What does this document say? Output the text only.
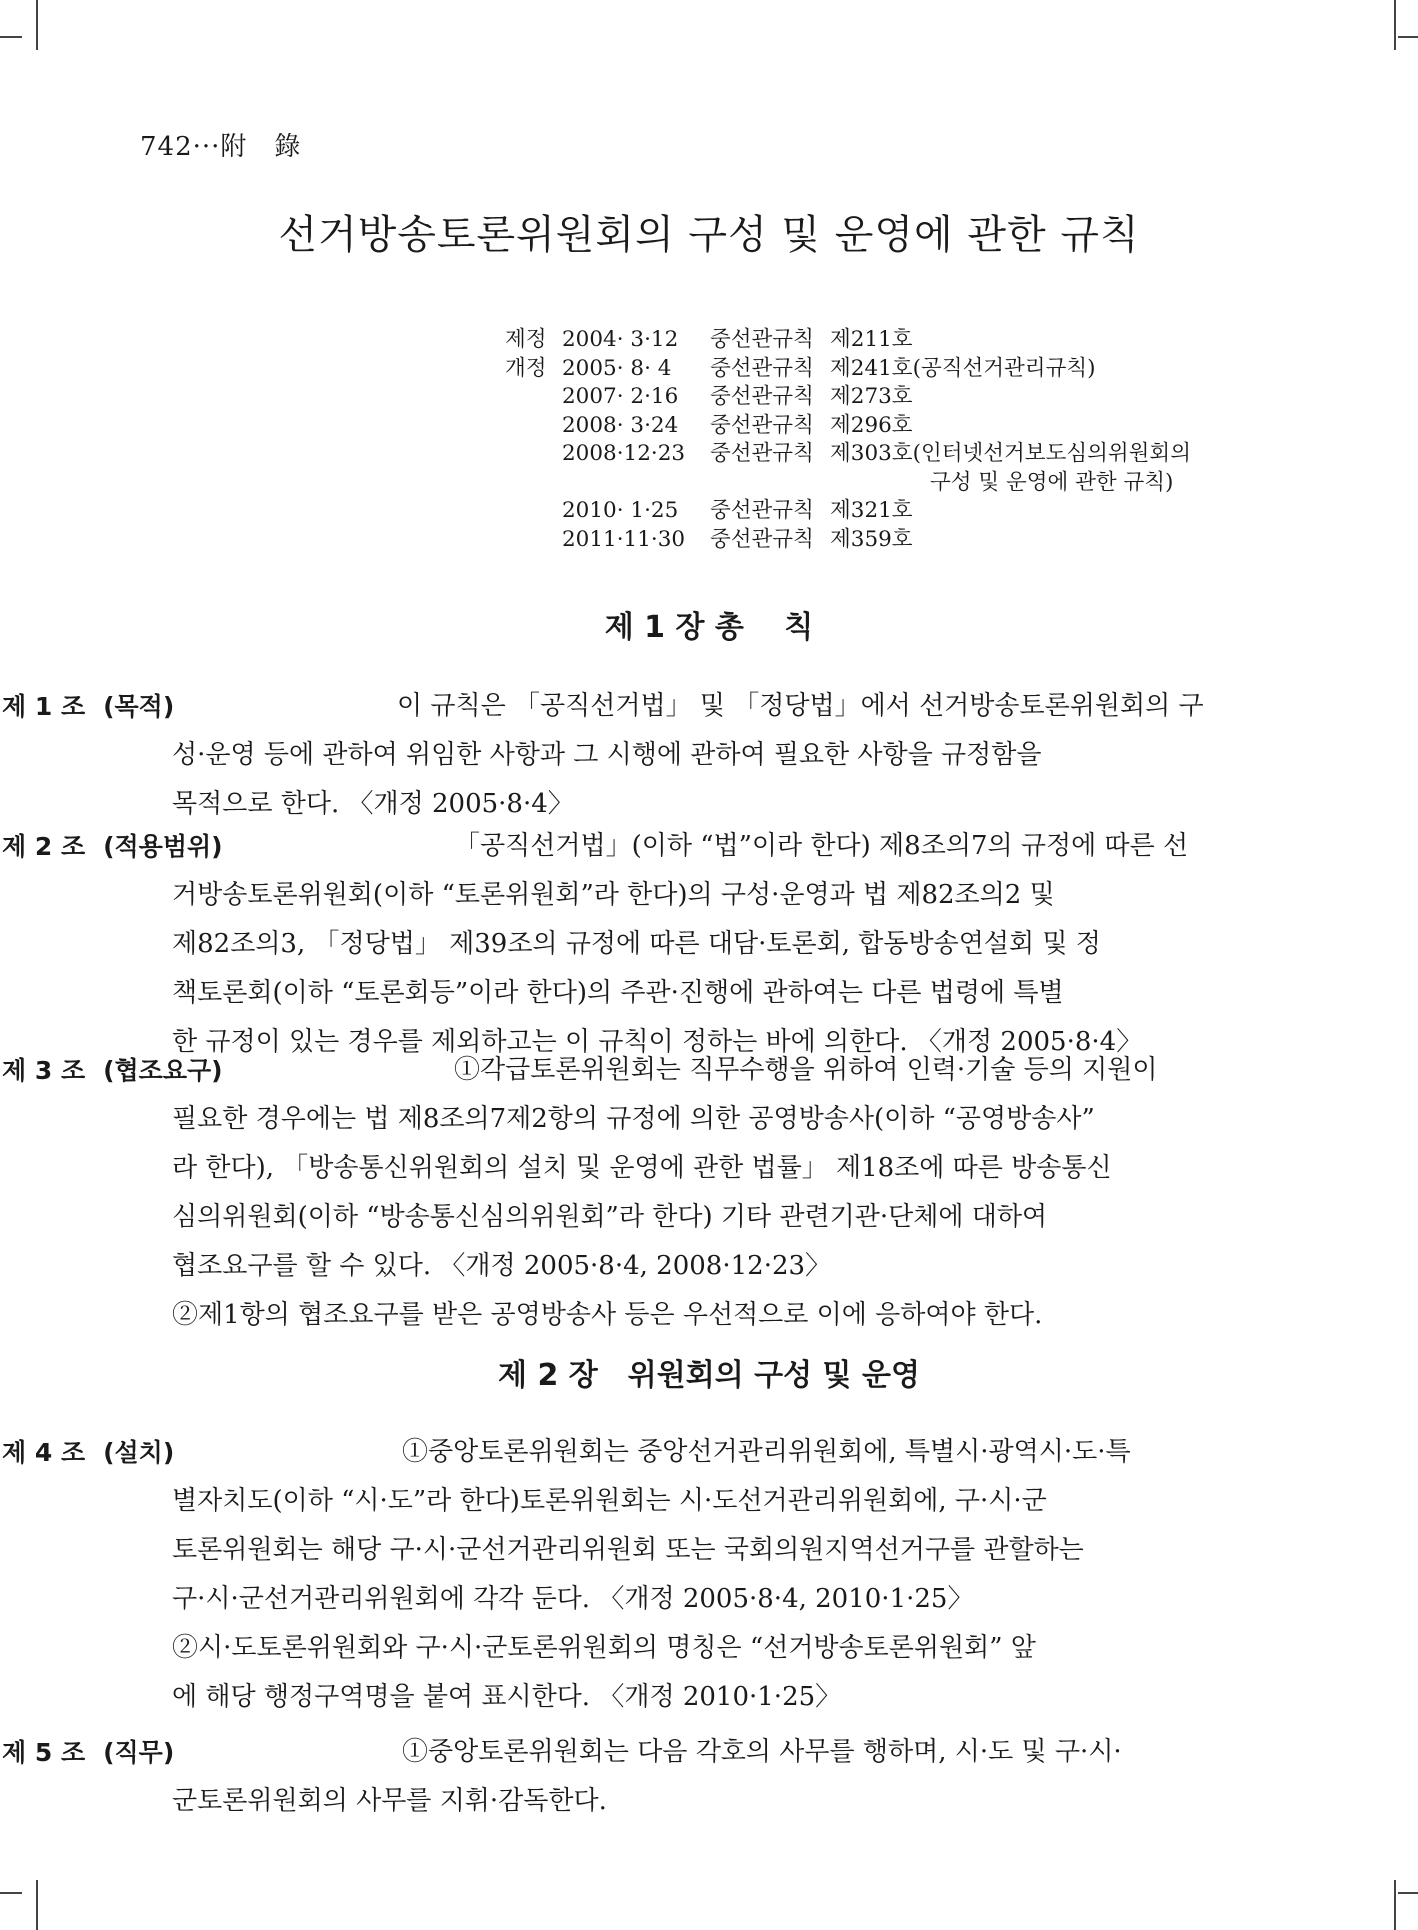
742···附　錄
선거방송토론위원회의 구성 및 운영에 관한 규칙
제정 2004· 3·12	중선관규칙 제211호
개정 2005· 8· 4	중선관규칙 제241호(공직선거관리규칙)
2007· 2·16	중선관규칙 제273호
2008· 3·24	중선관규칙 제296호
2008·12·23	중선관규칙 제303호(인터넷선거보도심의위원회의
구성 및 운영에 관한 규칙)
2010· 1·25	중선관규칙 제321호
2011·11·30	중선관규칙 제359호
제 1 장 총　 칙
제 1 조 (목적)	이 규칙은 「공직선거법」 및 「정당법」에서 선거방송토론위원회의 구
성·운영 등에 관하여 위임한 사항과 그 시행에 관하여 필요한 사항을 규정함을
목적으로 한다. 〈개정 2005·8·4〉
제 2 조 (적용범위)	「공직선거법」(이하 “법”이라 한다) 제8조의7의 규정에 따른 선
거방송토론위원회(이하 “토론위원회”라 한다)의 구성·운영과 법 제82조의2 및
제82조의3, 「정당법」 제39조의 규정에 따른 대담·토론회, 합동방송연설회 및 정
책토론회(이하 “토론회등”이라 한다)의 주관·진행에 관하여는 다른 법령에 특별
한 규정이 있는 경우를 제외하고는 이 규칙이 정하는 바에 의한다. 〈개정 2005·8·4〉
제 3 조 (협조요구)	①각급토론위원회는 직무수행을 위하여 인력·기술 등의 지원이
필요한 경우에는 법 제8조의7제2항의 규정에 의한 공영방송사(이하 “공영방송사”
라 한다), 「방송통신위원회의 설치 및 운영에 관한 법률」 제18조에 따른 방송통신
심의위원회(이하 “방송통신심의위원회”라 한다) 기타 관련기관·단체에 대하여
협조요구를 할 수 있다. 〈개정 2005·8·4, 2008·12·23〉
②제1항의 협조요구를 받은 공영방송사 등은 우선적으로 이에 응하여야 한다.
제 2 장　위원회의 구성 및 운영
제 4 조 (설치)	①중앙토론위원회는 중앙선거관리위원회에, 특별시·광역시·도·특
별자치도(이하 “시·도”라 한다)토론위원회는 시·도선거관리위원회에, 구·시·군
토론위원회는 해당 구·시·군선거관리위원회 또는 국회의원지역선거구를 관할하는
구·시·군선거관리위원회에 각각 둔다. 〈개정 2005·8·4, 2010·1·25〉
②시·도토론위원회와 구·시·군토론위원회의 명칭은 “선거방송토론위원회” 앞
에 해당 행정구역명을 붙여 표시한다. 〈개정 2010·1·25〉
제 5 조 (직무)	①중앙토론위원회는 다음 각호의 사무를 행하며, 시·도 및 구·시·
군토론위원회의 사무를 지휘·감독한다.
